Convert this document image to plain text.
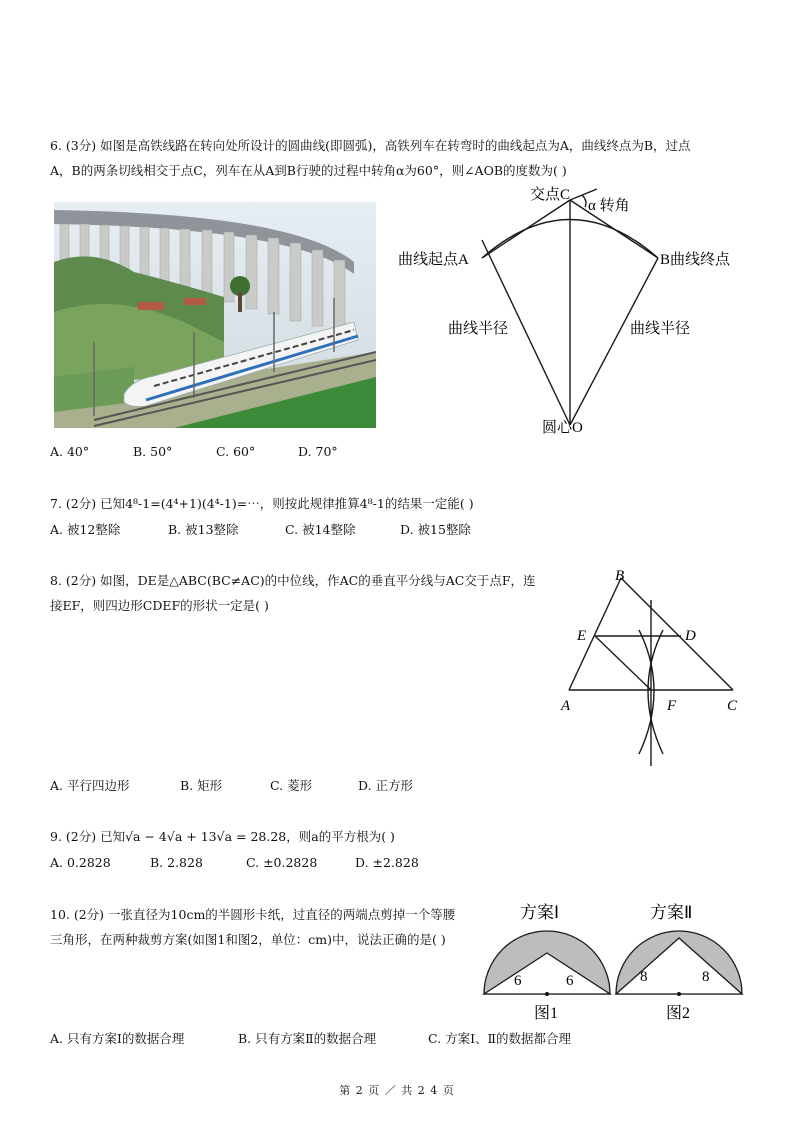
6. (3分) 如图是高铁线路在转向处所设计的圆曲线(即圆弧)，高铁列车在转弯时的曲线起点为A，曲线终点为B，过点
A，B的两条切线相交于点C，列车在从A到B行驶的过程中转角α为60°，则∠AOB的度数为( )
交点C
α 转角
曲线起点A	B曲线终点
曲线半径	曲线半径
圆心O
A. 40°	B. 50°	C. 60°	D. 70°
7. (2分) 已知4⁸-1=(4⁴+1)(4⁴-1)=⋯，则按此规律推算4⁸-1的结果一定能( )
A. 被12整除	B. 被13整除	C. 被14整除	D. 被15整除
8. (2分) 如图，DE是△ABC(BC≠AC)的中位线，作AC的垂直平分线与AC交于点F，连
接EF，则四边形CDEF的形状一定是( )
B
E	D
A	F	C
A. 平行四边形	B. 矩形	C. 菱形	D. 正方形
9. (2分) 已知√a − 4√a + 13√a = 28.28，则a的平方根为( )
A. 0.2828	B. 2.828	C. ±0.2828	D. ±2.828
10. (2分) 一张直径为10cm的半圆形卡纸，过直径的两端点剪掉一个等腰
三角形，在两种裁剪方案(如图1和图2，单位：cm)中，说法正确的是( )
方案Ⅰ	方案Ⅱ
6	6	8	8
图1	图2
A. 只有方案Ⅰ的数据合理	B. 只有方案Ⅱ的数据合理	C. 方案Ⅰ、Ⅱ的数据都合理
第 2 页 ／ 共 2 4 页
